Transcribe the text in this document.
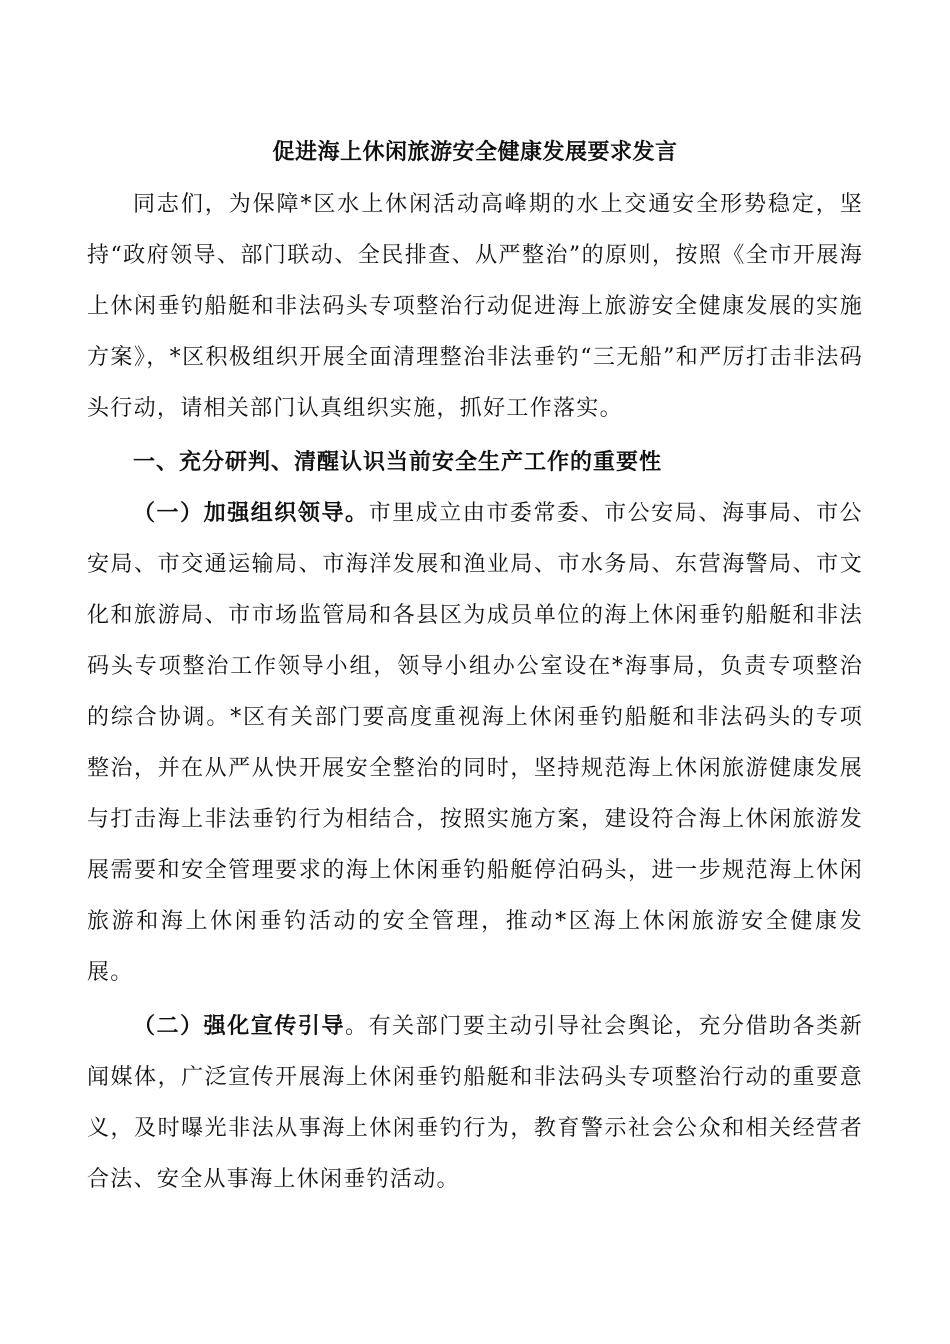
促进海上休闲旅游安全健康发展要求发言

同志们，为保障*区水上休闲活动高峰期的水上交通安全形势稳定，坚持“政府领导、部门联动、全民排查、从严整治”的原则，按照《全市开展海上休闲垂钓船艇和非法码头专项整治行动促进海上旅游安全健康发展的实施方案》，*区积极组织开展全面清理整治非法垂钓“三无船”和严厉打击非法码头行动，请相关部门认真组织实施，抓好工作落实。

一、充分研判、清醒认识当前安全生产工作的重要性

（一）加强组织领导。市里成立由市委常委、市公安局、海事局、市公安局、市交通运输局、市海洋发展和渔业局、市水务局、东营海警局、市文化和旅游局、市市场监管局和各县区为成员单位的海上休闲垂钓船艇和非法码头专项整治工作领导小组，领导小组办公室设在*海事局，负责专项整治的综合协调。*区有关部门要高度重视海上休闲垂钓船艇和非法码头的专项整治，并在从严从快开展安全整治的同时，坚持规范海上休闲旅游健康发展与打击海上非法垂钓行为相结合，按照实施方案，建设符合海上休闲旅游发展需要和安全管理要求的海上休闲垂钓船艇停泊码头，进一步规范海上休闲旅游和海上休闲垂钓活动的安全管理，推动*区海上休闲旅游安全健康发展。

（二）强化宣传引导。有关部门要主动引导社会舆论，充分借助各类新闻媒体，广泛宣传开展海上休闲垂钓船艇和非法码头专项整治行动的重要意义，及时曝光非法从事海上休闲垂钓行为，教育警示社会公众和相关经营者合法、安全从事海上休闲垂钓活动。
